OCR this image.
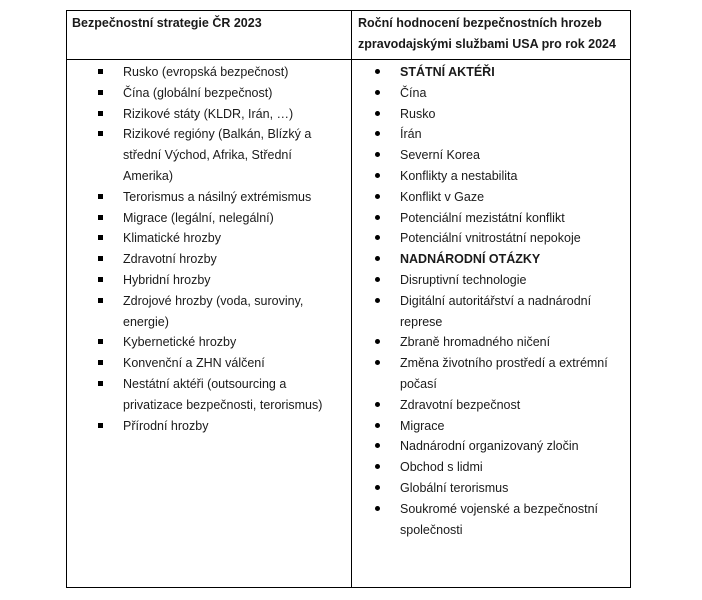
Bezpečnostní strategie ČR 2023	Roční hodnocení bezpečnostních hrozeb zpravodajskými službami USA pro rok 2024
Rusko (evropská bezpečnost)
Čína (globální bezpečnost)
Rizikové státy (KLDR, Irán, …)
Rizikové regióny (Balkán, Blízký a střední Východ, Afrika, Střední Amerika)
Terorismus a násilný extrémismus
Migrace (legální, nelegální)
Klimatické hrozby
Zdravotní hrozby
Hybridní hrozby
Zdrojové hrozby (voda, suroviny, energie)
Kybernetické hrozby
Konvenční a ZHN válčení
Nestátní aktéři (outsourcing a privatizace bezpečnosti, terorismus)
Přírodní hrozby
STÁTNÍ AKTÉŘI
Čína
Rusko
Írán
Severní Korea
Konflikty a nestabilita
Konflikt v Gaze
Potenciální mezistátní konflikt
Potenciální vnitrostátní nepokoje
NADNÁRODNÍ OTÁZKY
Disruptivní technologie
Digitální autoritářství a nadnárodní represe
Zbraně hromadného ničení
Změna životního prostředí a extrémní počasí
Zdravotní bezpečnost
Migrace
Nadnárodní organizovaný zločin
Obchod s lidmi
Globální terorismus
Soukromé vojenské a bezpečnostní společnosti
